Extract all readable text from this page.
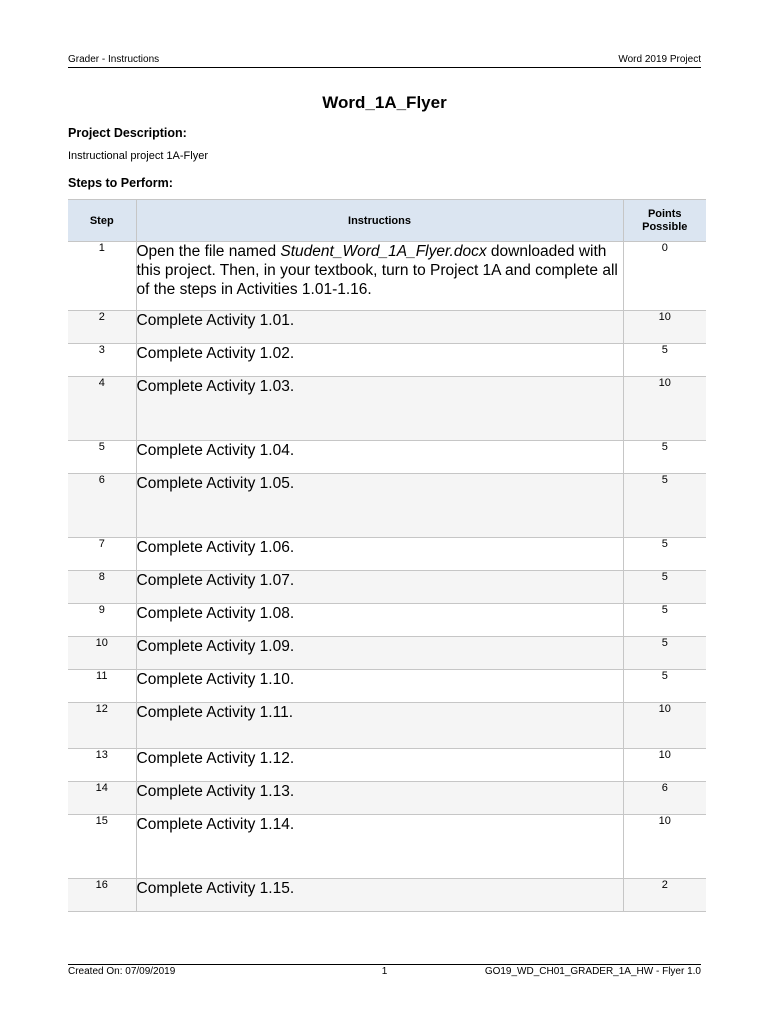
Grader - Instructions	Word 2019 Project
Word_1A_Flyer
Project Description:
Instructional project 1A-Flyer
Steps to Perform:
Step	Instructions	Points Possible
1	Open the file named Student_Word_1A_Flyer.docx downloaded with this project. Then, in your textbook, turn to Project 1A and complete all of the steps in Activities 1.01-1.16.	0
2	Complete Activity 1.01.	10
3	Complete Activity 1.02.	5
4	Complete Activity 1.03.	10
5	Complete Activity 1.04.	5
6	Complete Activity 1.05.	5
7	Complete Activity 1.06.	5
8	Complete Activity 1.07.	5
9	Complete Activity 1.08.	5
10	Complete Activity 1.09.	5
11	Complete Activity 1.10.	5
12	Complete Activity 1.11.	10
13	Complete Activity 1.12.	10
14	Complete Activity 1.13.	6
15	Complete Activity 1.14.	10
16	Complete Activity 1.15.	2
Created On: 07/09/2019	1	GO19_WD_CH01_GRADER_1A_HW - Flyer 1.0
